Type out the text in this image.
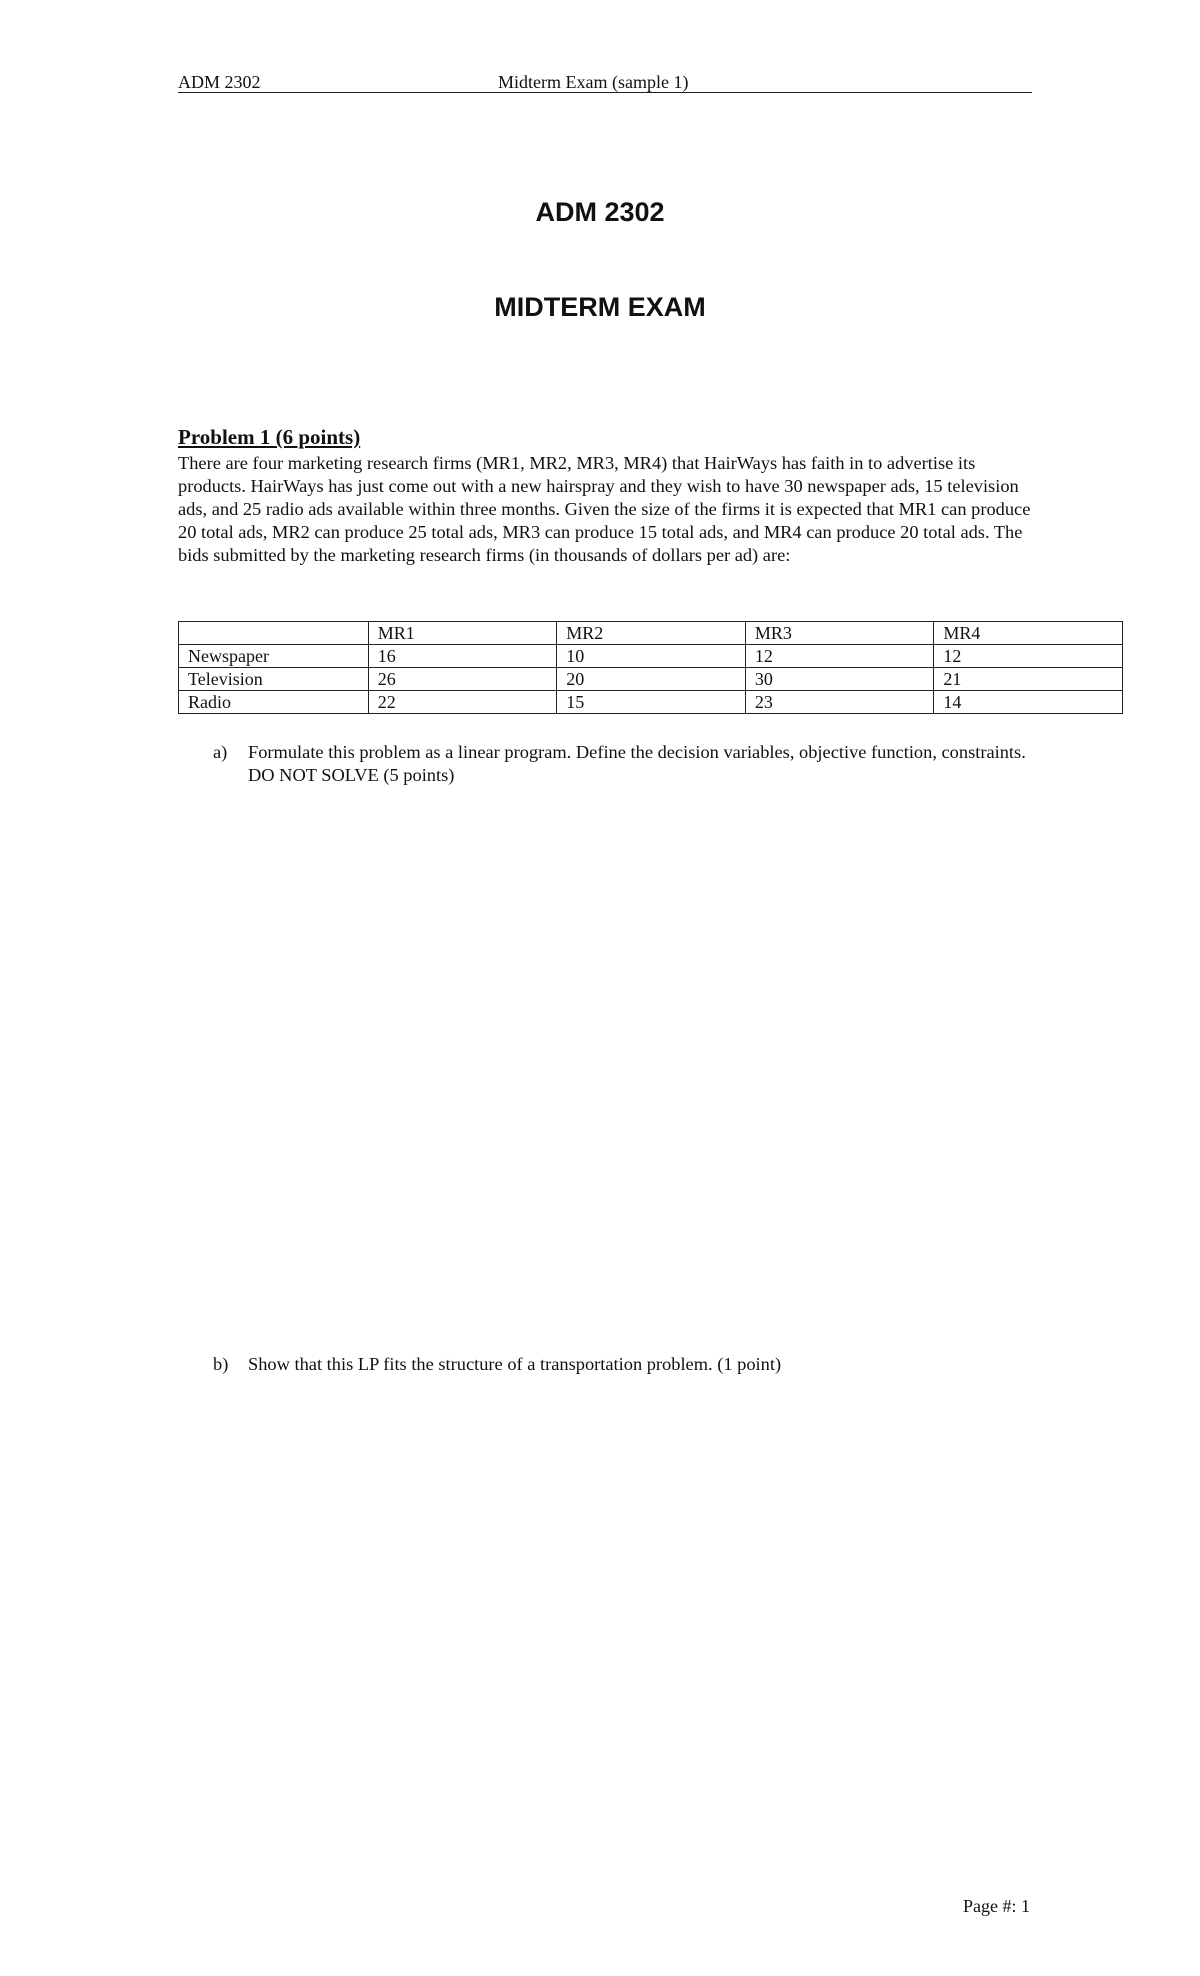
ADM 2302	Midterm Exam (sample 1)
ADM 2302
MIDTERM EXAM
Problem 1 (6 points)

There are four marketing research firms (MR1, MR2, MR3, MR4) that HairWays has faith in to advertise its products. HairWays has just come out with a new hairspray and they wish to have 30 newspaper ads, 15 television ads, and 25 radio ads available within three months. Given the size of the firms it is expected that MR1 can produce 20 total ads, MR2 can produce 25 total ads, MR3 can produce 15 total ads, and MR4 can produce 20 total ads. The bids submitted by the marketing research firms (in thousands of dollars per ad) are:

	MR1	MR2	MR3	MR4
Newspaper	16	10	12	12
Television	26	20	30	21
Radio	22	15	23	14
a) Formulate this problem as a linear program. Define the decision variables, objective function, constraints. DO NOT SOLVE (5 points)
b) Show that this LP fits the structure of a transportation problem. (1 point)
Page #: 1
